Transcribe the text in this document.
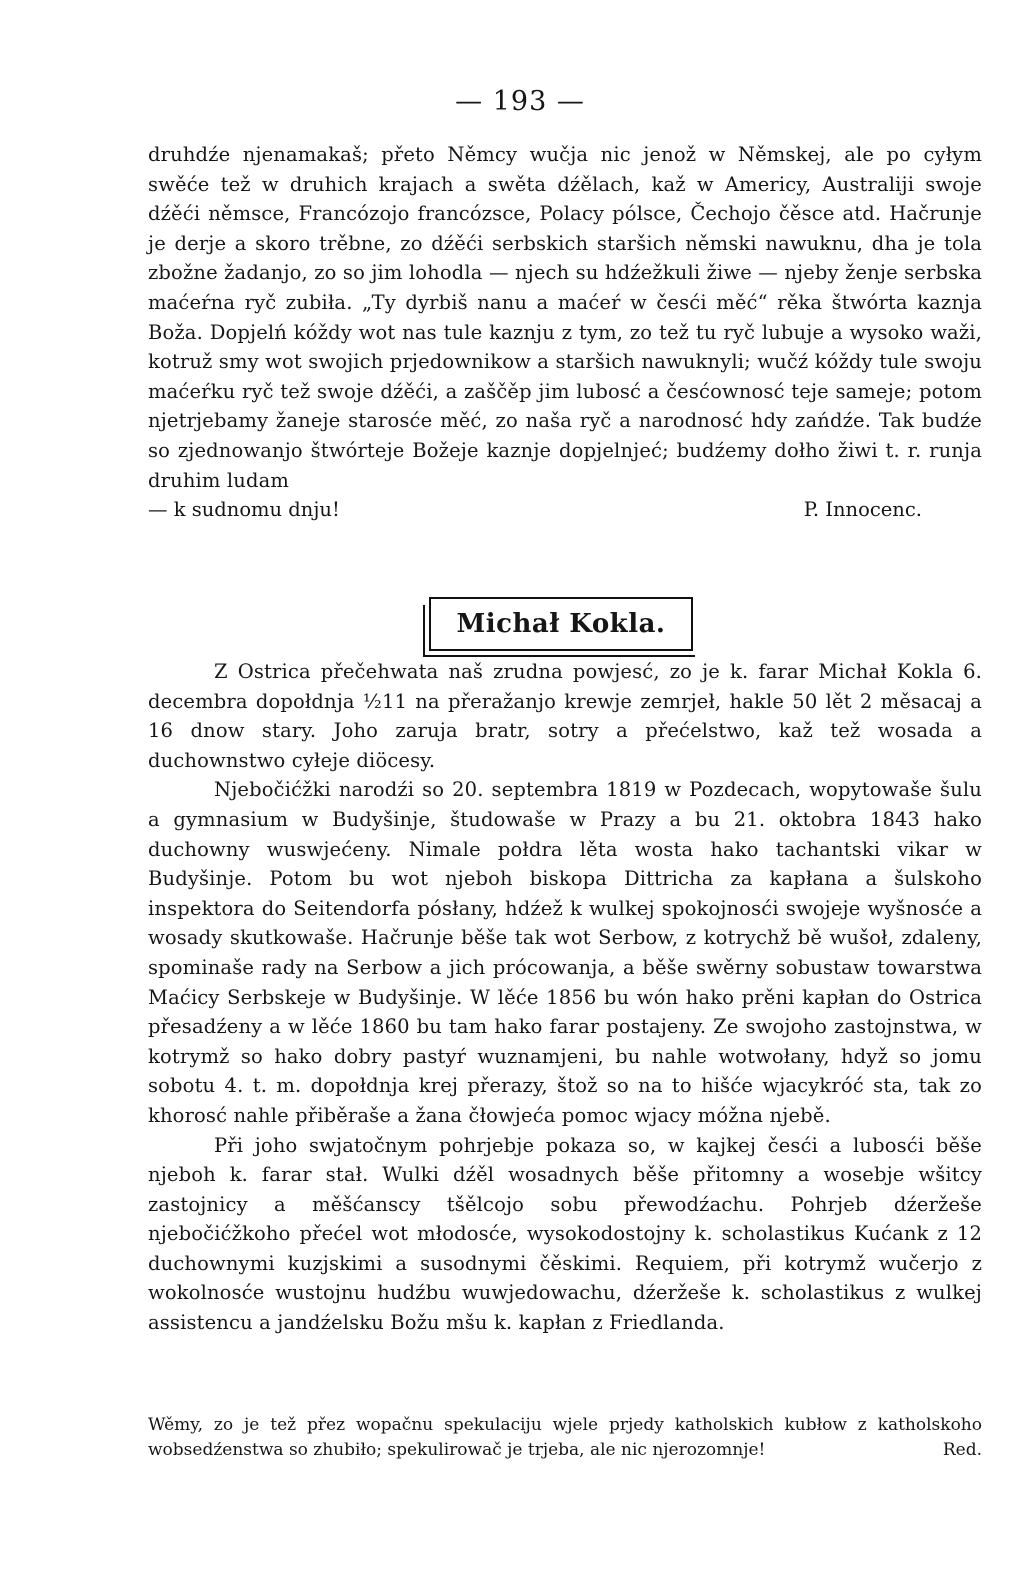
— 193 —

druhdźe njenamakaš; přeto Němcy wučja nic jenož w Němskej, ale po cyłym swěće tež w druhich krajach a swěta dźělach, kaž w Americy, Australiji swoje dźěći němsce, Francózojo francózsce, Polacy pólsce, Čechojo čěsce atd. Hačrunje je derje a skoro trěbne, zo dźěći serbskich staršich němski nawuknu, dha je tola zbožne žadanjo, zo so jim lohodla — njech su hdźežkuli žiwe — njeby ženje serbska maćeŕna ryč zubiła. „Ty dyrbiš nanu a maćeŕ w česći měć“ rěka štwórta kaznja Boža. Dopjelń kóždy wot nas tule kaznju z tym, zo tež tu ryč lubuje a wysoko waži, kotruž smy wot swojich prjedownikow a staršich nawuknyli; wučź kóždy tule swoju maćeŕku ryč tež swoje dźěći, a zaščěp jim lubosć a česćownosć teje sameje; potom njetrjebamy žaneje starosće měć, zo naša ryč a narodnosć hdy zańdźe. Tak budźe so zjednowanjo štwórteje Božeje kaznje dopjelnjeć; budźemy dołho žiwi t. r. runja druhim ludam

— k sudnomu dnju!	P. Innocenc.
Michał Kokla.

Z Ostrica přečehwata naš zrudna powjesć, zo je k. farar Michał Kokla 6. decembra dopołdnja ½11 na přeražanjo krewje zemrjeł, hakle 50 lět 2 měsacaj a 16 dnow stary. Joho zaruja bratr, sotry a přećelstwo, kaž tež wosada a duchownstwo cyłeje diöcesy.

Njebočićžki narodźi so 20. septembra 1819 w Pozdecach, wopytowaše šulu a gymnasium w Budyšinje, študowaše w Prazy a bu 21. oktobra 1843 hako duchowny wuswjećeny. Nimale połdra lěta wosta hako tachantski vikar w Budyšinje. Potom bu wot njeboh biskopa Dittricha za kapłana a šulskoho inspektora do Seitendorfa pósłany, hdźež k wulkej spokojnosći swojeje wyšnosće a wosady skutkowaše. Hačrunje běše tak wot Serbow, z kotrychž bě wušoł, zdaleny, spominaše rady na Serbow a jich prócowanja, a běše swěrny sobustaw towarstwa Maćicy Serbskeje w Budyšinje. W lěće 1856 bu wón hako prěni kapłan do Ostrica přesadźeny a w lěće 1860 bu tam hako farar postajeny. Ze swojoho zastojnstwa, w kotrymž so hako dobry pastyŕ wuznamjeni, bu nahle wotwołany, hdyž so jomu sobotu 4. t. m. dopołdnja krej přerazy, štož so na to hišće wjacykróć sta, tak zo khorosć nahle přiběraše a žana čłowjeća pomoc wjacy móžna njebě.

Při joho swjatočnym pohrjebje pokaza so, w kajkej česći a lubosći běše njeboh k. farar stał. Wulki dźěl wosadnych běše přitomny a wosebje wšitcy zastojnicy a měšćanscy tšělcojo sobu přewodźachu. Pohrjeb dźeržeše njebočićžkoho přećel wot młodosće, wysokodostojny k. scholastikus Kućank z 12 duchownymi kuzjskimi a susodnymi čěskimi. Requiem, při kotrymž wučerjo z wokolnosće wustojnu hudźbu wuwjedowachu, dźeržeše k. scholastikus z wulkej assistencu a jandźelsku Božu mšu k. kapłan z Friedlanda.

Wěmy, zo je tež přez wopačnu spekulaciju wjele prjedy katholskich kubłow z katholskoho wobsedźenstwa so zhubiło; spekulirowač je trjeba, ale nic njerozomnje!	Red.
